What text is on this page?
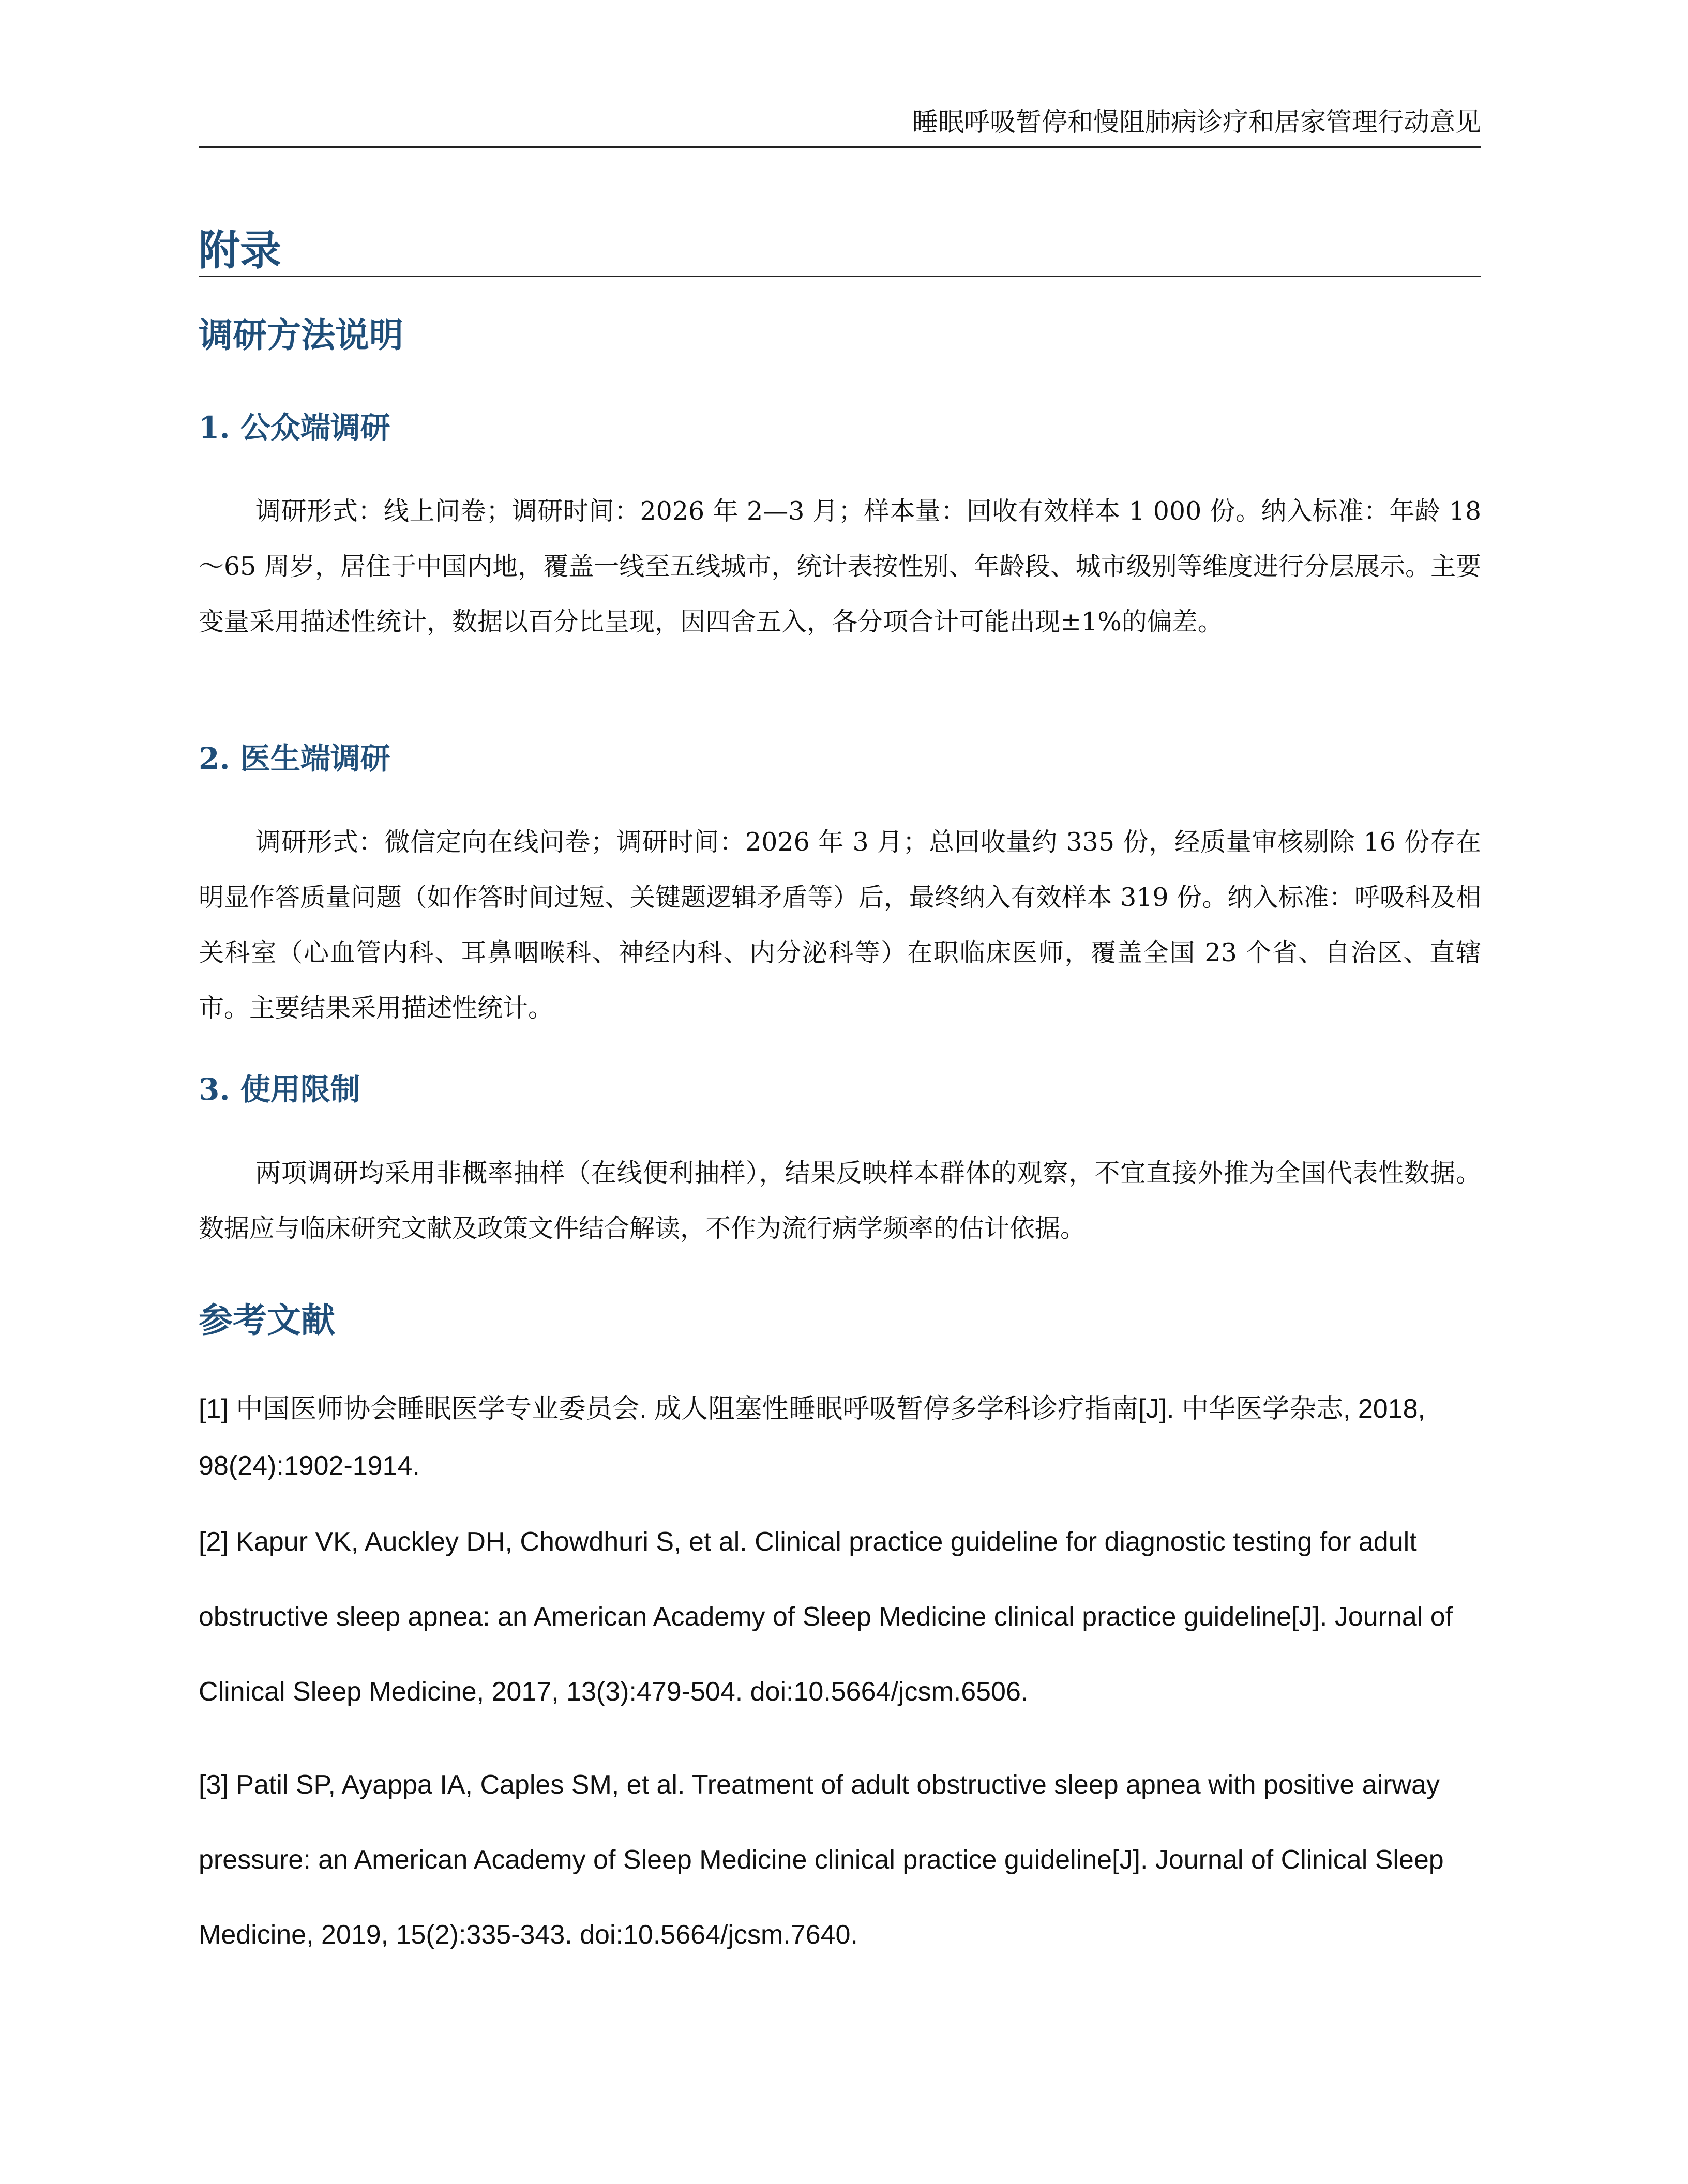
睡眠呼吸暂停和慢阻肺病诊疗和居家管理行动意见
附录
调研方法说明
1. 公众端调研

调研形式：线上问卷；调研时间：2026 年 2—3 月；样本量：回收有效样本 1 000 份。纳入标准：年龄 18～65 周岁，居住于中国内地，覆盖一线至五线城市，统计表按性别、年龄段、城市级别等维度进行分层展示。主要变量采用描述性统计，数据以百分比呈现，因四舍五入，各分项合计可能出现±1%的偏差。

2. 医生端调研

调研形式：微信定向在线问卷；调研时间：2026 年 3 月；总回收量约 335 份，经质量审核剔除 16 份存在明显作答质量问题（如作答时间过短、关键题逻辑矛盾等）后，最终纳入有效样本 319 份。纳入标准：呼吸科及相关科室（心血管内科、耳鼻咽喉科、神经内科、内分泌科等）在职临床医师，覆盖全国 23 个省、自治区、直辖市。主要结果采用描述性统计。

3. 使用限制

两项调研均采用非概率抽样（在线便利抽样），结果反映样本群体的观察，不宜直接外推为全国代表性数据。数据应与临床研究文献及政策文件结合解读，不作为流行病学频率的估计依据。

参考文献

[1] 中国医师协会睡眠医学专业委员会. 成人阻塞性睡眠呼吸暂停多学科诊疗指南[J]. 中华医学杂志, 2018, 98(24):1902-1914.

[2] Kapur VK, Auckley DH, Chowdhuri S, et al. Clinical practice guideline for diagnostic testing for adult obstructive sleep apnea: an American Academy of Sleep Medicine clinical practice guideline[J]. Journal of Clinical Sleep Medicine, 2017, 13(3):479-504. doi:10.5664/jcsm.6506.

[3] Patil SP, Ayappa IA, Caples SM, et al. Treatment of adult obstructive sleep apnea with positive airway pressure: an American Academy of Sleep Medicine clinical practice guideline[J]. Journal of Clinical Sleep Medicine, 2019, 15(2):335-343. doi:10.5664/jcsm.7640.
